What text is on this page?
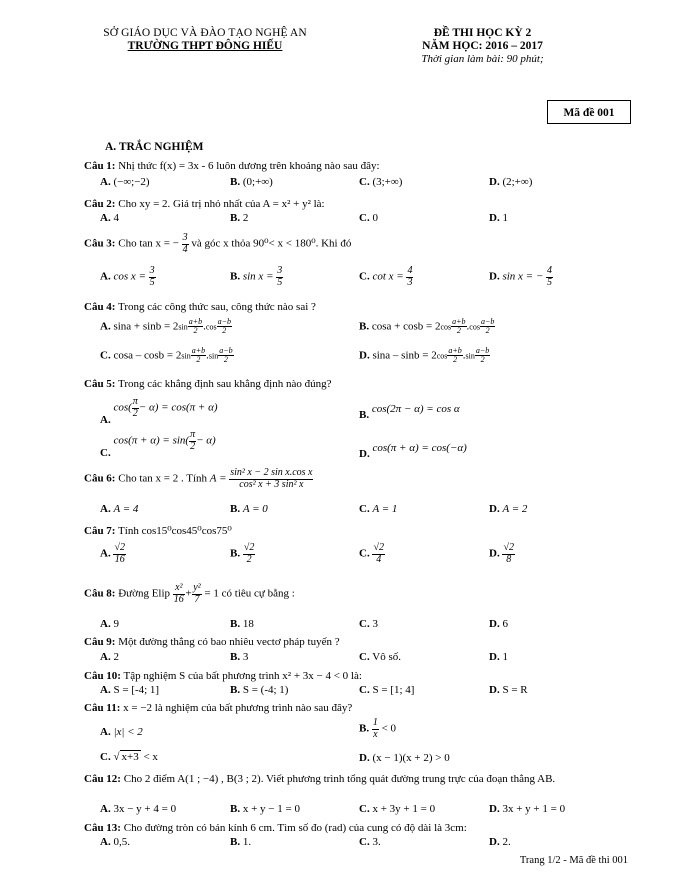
SỞ GIÁO DỤC VÀ ĐÀO TẠO NGHỆ AN
TRƯỜNG THPT ĐÔNG HIẾU
ĐỀ THI HỌC KỲ 2
NĂM HỌC: 2016 – 2017
Thời gian làm bài: 90 phút;
Mã đề 001
A. TRẮC NGHIỆM
Câu 1: Nhị thức f(x) = 3x - 6 luôn dương trên khoảng nào sau đây:
A. (−∞;−2)	B. (0;+∞)	C. (3;+∞)	D. (2;+∞)
Câu 2: Cho xy = 2. Giá trị nhỏ nhất của A = x² + y² là:
A. 4	B. 2	C. 0	D. 1
Câu 3: Cho tan x = − $\frac{3}{4}$ và góc x thỏa 90⁰< x < 180⁰. Khi đó
A. $\cos x = \frac{3}{5}$	B. $\sin x = \frac{3}{5}$	C. $\cot x = \frac{4}{3}$	D. sin x = − $\frac{4}{5}$
Câu 4: Trong các công thức sau, công thức nào sai ?
A. $\sin a + \sin b = 2\sin \frac{a+b}{2} .\cos \frac{a-b}{2}$	B. $\cos a + \cos b = 2\cos \frac{a+b}{2} .\cos \frac{a-b}{2}$
C. $\cos a - \cos b = 2\sin \frac{a+b}{2} .\sin \frac{a-b}{2}$	D. $\sin a - \sin b = 2\cos \frac{a+b}{2} .\sin \frac{a-b}{2}$
Câu 5: Trong các khẳng định sau khẳng định nào đúng?
A. $\cos( \frac{\pi}{2} - \alpha) = \cos(\pi + \alpha)$
B. cos(2π − α) = cos α
C. $\cos(\pi + \alpha) = \sin( \frac{\pi}{2} - \alpha)$
D. cos(π + α) = cos(−α)
Câu 6: Cho tan x = 2 . Tính $A = \frac{\text{sin² x − 2 sin x.cos x}}{\text{cos² x + 3 sin² x}}$
A. A = 4	B. A = 0	C. A = 1	D. A = 2
Câu 7: Tính cos15⁰cos45⁰cos75⁰
A. $\frac{√2}{16}$	B. $\frac{√2}{2}$	C. $\frac{√2}{4}$	D. $\frac{√2}{8}$
Câu 8: Đường Elip $\frac{\text{x²}}{16} + \frac{\text{y²}}{7} = 1$ có tiêu cự bằng :
A. 9	B. 18	C. 3	D. 6
Câu 9: Một đường thẳng có bao nhiêu vectơ pháp tuyến ?
A. 2	B. 3	C. Vô số.	D. 1
Câu 10: Tập nghiệm S của bất phương trình x² + 3x − 4 < 0 là:
A. S = [-4; 1]	B. S = (-4; 1)	C. S = [1; 4]	D. S = R
Câu 11: x = −2 là nghiệm của bất phương trình nào sau đây?
A. |x| < 2	B. $\frac{1}{x} < 0$
C. √ x+3 < x	D. (x − 1)(x + 2) > 0
Câu 12: Cho 2 điểm A(1 ; −4) , B(3 ; 2). Viết phương trình tổng quát đường trung trực của đoạn thẳng AB.
A. 3x − y + 4 = 0	B. x + y − 1 = 0	C. x + 3y + 1 = 0	D. 3x + y + 1 = 0
Câu 13: Cho đường tròn có bán kính 6 cm. Tìm số đo (rad) của cung có độ dài là 3cm:
A. 0,5.	B. 1.	C. 3.	D. 2.
Trang 1/2 - Mã đề thi 001
